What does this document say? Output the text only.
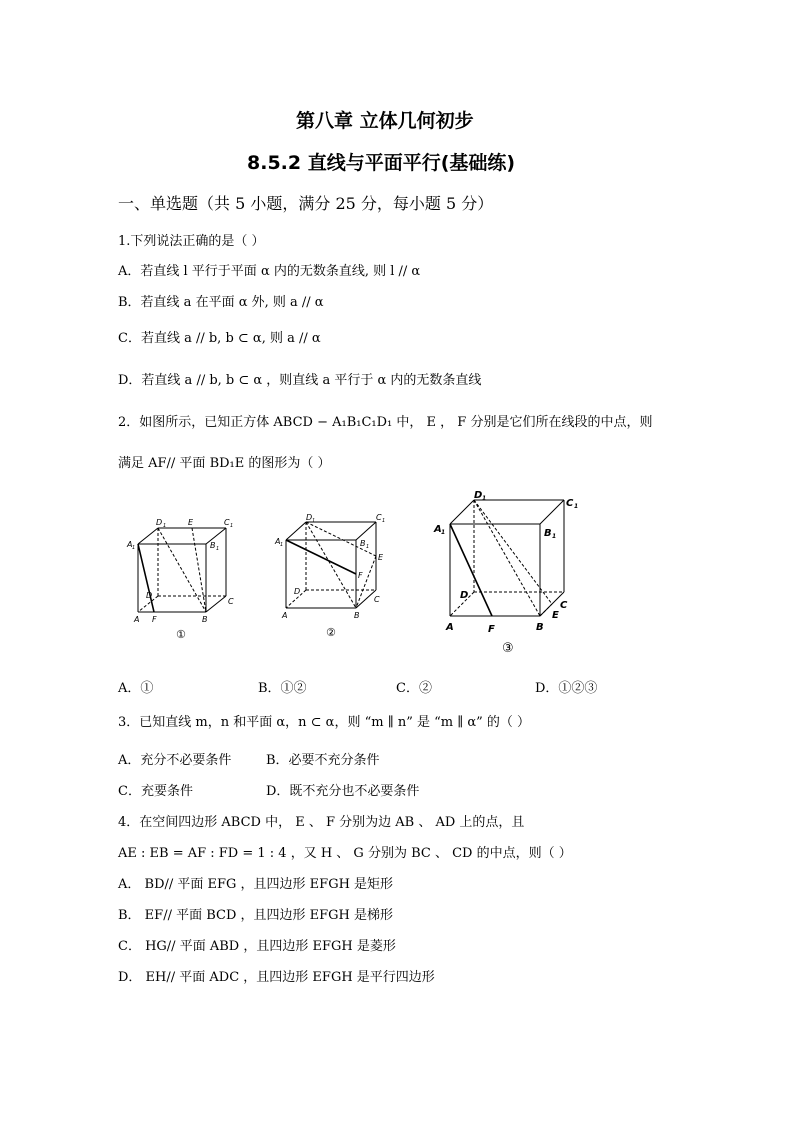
第八章 立体几何初步
8.5.2 直线与平面平行(基础练)
一、单选题（共 5 小题，满分 25 分，每小题 5 分）
1.下列说法正确的是（ ）
A．若直线 l 平行于平面 α 内的无数条直线, 则 l // α
B．若直线 a 在平面 α 外, 则 a // α
C．若直线 a // b, b ⊂ α, 则 a // α
D．若直线 a // b, b ⊂ α ，则直线 a 平行于 α 内的无数条直线
2．如图所示，已知正方体 ABCD − A₁B₁C₁D₁ 中， E ， F 分别是它们所在线段的中点，则
满足 AF// 平面 BD₁E 的图形为（ ）
D 1	E	C 1
A 1	B 1
D
C
A F	B
①
D 1	C 1
A 1	B 1
E
F
D
C
A	B
②
D 1	C 1
A 1	B 1
D
C
E
A	F	B
③
A．①	B．①②	C．②	D．①②③
3．已知直线 m，n 和平面 α，n ⊂ α，则 “m ∥ n” 是 “m ∥ α” 的（ ）
A．充分不必要条件	B．必要不充分条件
C．充要条件	D．既不充分也不必要条件
4．在空间四边形 ABCD 中， E 、 F 分别为边 AB 、 AD 上的点，且
AE : EB = AF : FD = 1 : 4 ，又 H 、 G 分别为 BC 、 CD 的中点，则（ ）
A． BD// 平面 EFG ，且四边形 EFGH 是矩形
B． EF// 平面 BCD ，且四边形 EFGH 是梯形
C． HG// 平面 ABD ，且四边形 EFGH 是菱形
D． EH// 平面 ADC ，且四边形 EFGH 是平行四边形
